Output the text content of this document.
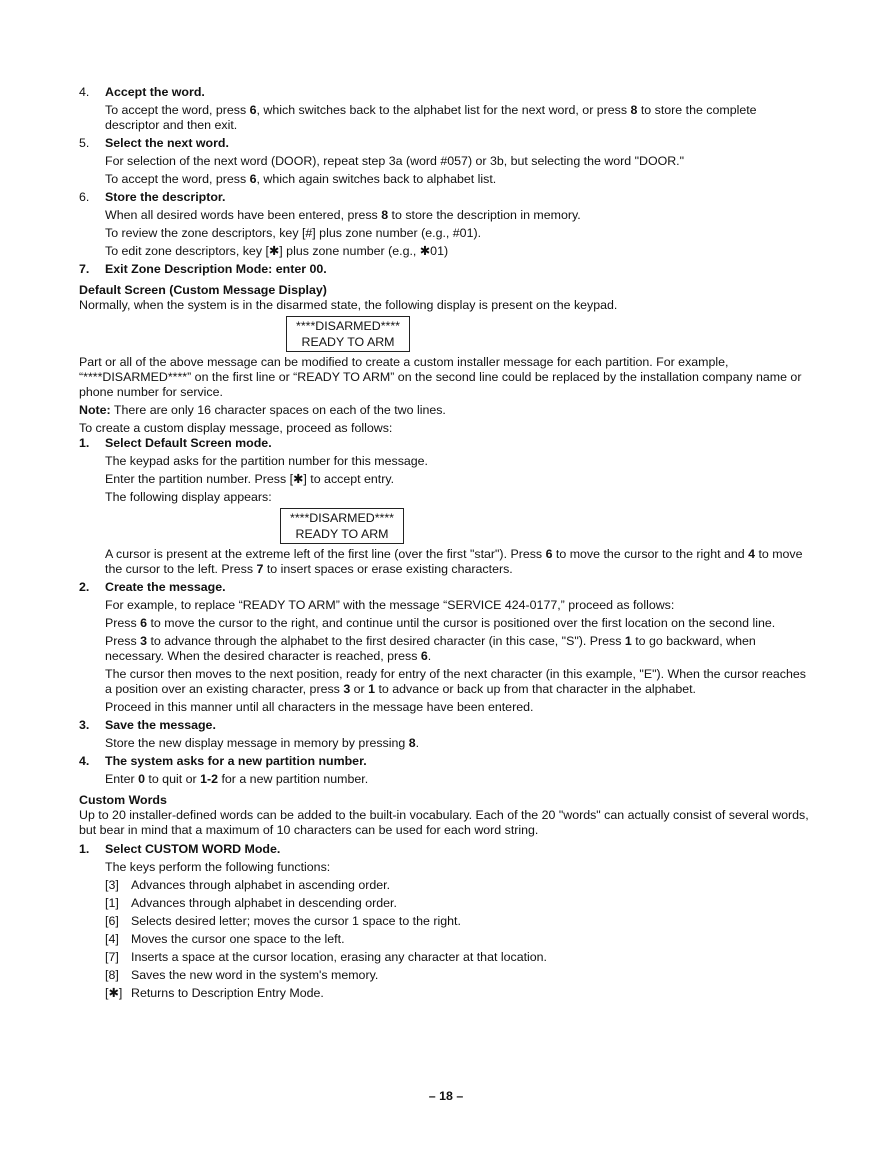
4.	Accept the word.
To accept the word, press 6, which switches back to the alphabet list for the next word, or press 8 to store the complete descriptor and then exit.
5.	Select the next word.
For selection of the next word (DOOR), repeat step 3a (word #057) or 3b, but selecting the word "DOOR."
To accept the word, press 6, which again switches back to alphabet list.
6.	Store the descriptor.
When all desired words have been entered, press 8 to store the description in memory.
To review the zone descriptors, key [#] plus zone number (e.g., #01).
To edit zone descriptors, key [✱] plus zone number (e.g., ✱01)
7.	Exit Zone Description Mode: enter 00.
Default Screen (Custom Message Display)
Normally, when the system is in the disarmed state, the following display is present on the keypad.
****DISARMED****
READY TO ARM
Part or all of the above message can be modified to create a custom installer message for each partition. For example, “****DISARMED****” on the first line or “READY TO ARM” on the second line could be replaced by the installation company name or phone number for service.
Note: There are only 16 character spaces on each of the two lines.
To create a custom display message, proceed as follows:
1.	Select Default Screen mode.
The keypad asks for the partition number for this message.
Enter the partition number. Press [✱] to accept entry.
The following display appears:
****DISARMED****
READY TO ARM
A cursor is present at the extreme left of the first line (over the first "star"). Press 6 to move the cursor to the right and 4 to move the cursor to the left. Press 7 to insert spaces or erase existing characters.
2.	Create the message.
For example, to replace “READY TO ARM” with the message “SERVICE 424-0177,” proceed as follows:
Press 6 to move the cursor to the right, and continue until the cursor is positioned over the first location on the second line.
Press 3 to advance through the alphabet to the first desired character (in this case, "S"). Press 1 to go backward, when necessary. When the desired character is reached, press 6.
The cursor then moves to the next position, ready for entry of the next character (in this example, "E"). When the cursor reaches a position over an existing character, press 3 or 1 to advance or back up from that character in the alphabet.
Proceed in this manner until all characters in the message have been entered.
3.	Save the message.
Store the new display message in memory by pressing 8.
4.	The system asks for a new partition number.
Enter 0 to quit or 1-2 for a new partition number.
Custom Words
Up to 20 installer-defined words can be added to the built-in vocabulary. Each of the 20 "words" can actually consist of several words, but bear in mind that a maximum of 10 characters can be used for each word string.
1.	Select CUSTOM WORD Mode.
The keys perform the following functions:
[3] Advances through alphabet in ascending order.
[1] Advances through alphabet in descending order.
[6] Selects desired letter; moves the cursor 1 space to the right.
[4] Moves the cursor one space to the left.
[7] Inserts a space at the cursor location, erasing any character at that location.
[8] Saves the new word in the system's memory.
[✱] Returns to Description Entry Mode.
– 18 –
